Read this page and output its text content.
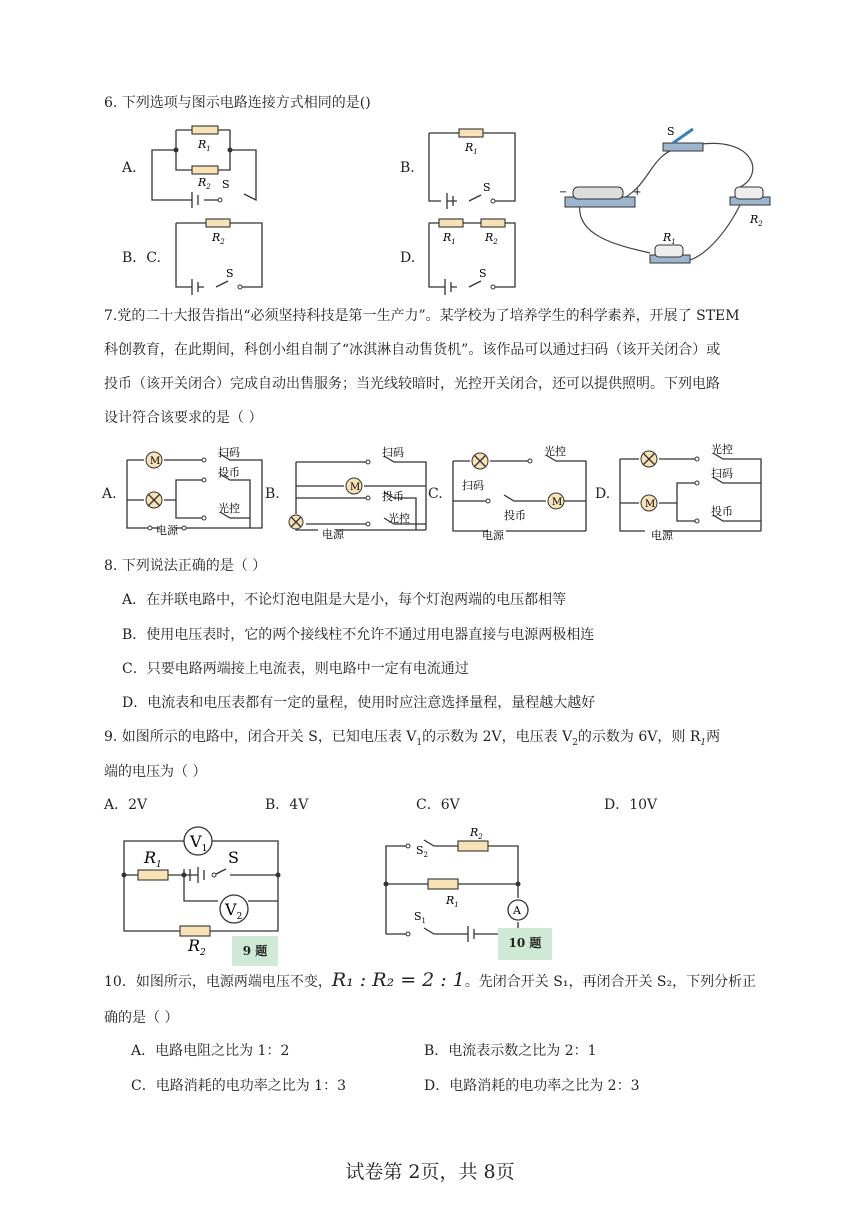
6. 下列选项与图示电路连接方式相同的是()
A.
$R_1$
$R_2$ S
B.
$R_1$
S
S
$R_2$
$R_1$
−	+
B．C.
$R_2$
S
D.
$R_1$	$R_2$
S
7.党的二十大报告指出“必须坚持科技是第一生产力”。某学校为了培养学生的科学素养，开展了 STEM
科创教育，在此期间，科创小组自制了“冰淇淋自动售货机”。该作品可以通过扫码（该开关闭合）或
投币（该开关闭合）完成自动出售服务；当光线较暗时，光控开关闭合，还可以提供照明。下列电路
设计符合该要求的是（ ）
A.
M
扫码
投币
光控
电源
B.	M
扫码
投币
光控
电源
C.
M
光控
扫码
投币
电源
D.
M
光控
扫码
投币
电源
8. 下列说法正确的是（ ）
A．在并联电路中，不论灯泡电阻是大是小，每个灯泡两端的电压都相等
B．使用电压表时，它的两个接线柱不允许不通过用电器直接与电源两极相连
C．只要电路两端接上电流表，则电路中一定有电流通过
D．电流表和电压表都有一定的量程，使用时应注意选择量程，量程越大越好
9. 如图所示的电路中，闭合开关 S，已知电压表 $V_1$的示数为 2V，电压表 $V_2$的示数为 6V，则 $R_1$两
端的电压为（ ）
A．2V	B．4V	C．6V	D．10V
$V_1$
$V_2$
$R_1$
$R_2$
S
9 题
A
$R_2$
$R_1$
$S_2$
$S_1$
10 题
10．如图所示，电源两端电压不变，R₁ : R₂ = 2 : 1。先闭合开关 S₁，再闭合开关 S₂，下列分析正
确的是（ ）
A．电路电阻之比为 1：2	B．电流表示数之比为 2：1
C．电路消耗的电功率之比为 1：3	D．电路消耗的电功率之比为 2：3
试卷第 2页，共 8页
